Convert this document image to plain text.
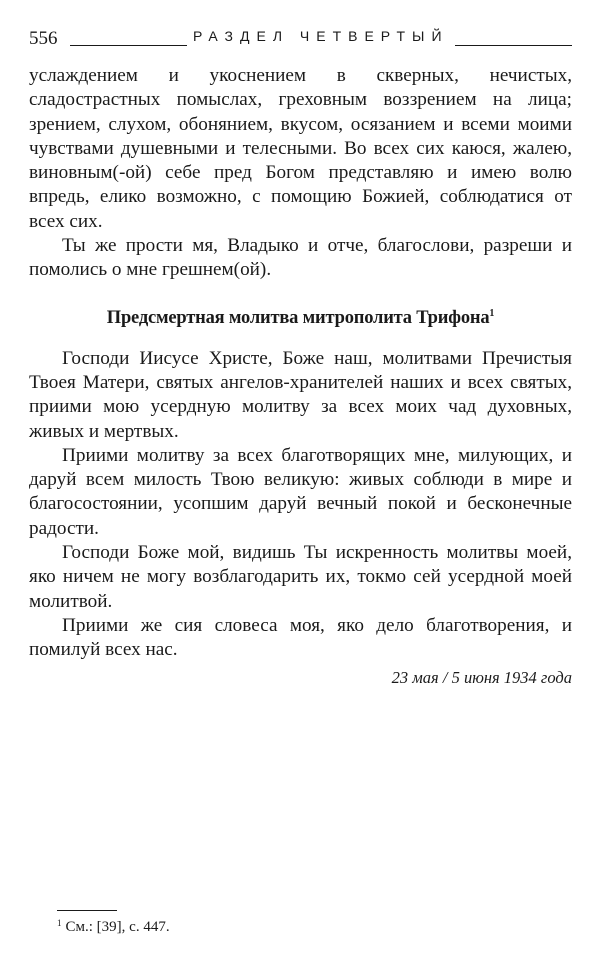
556	РАЗДЕЛ ЧЕТВЕРТЫЙ

услаждением и укоснением в скверных, нечистых, сладострастных помыслах, греховным воззрением на лица; зрением, слухом, обонянием, вкусом, осязанием и всеми моими чувствами душевными и телесными. Во всех сих каюся, жалею, виновным(-ой) себе пред Богом представляю и имею волю впредь, елико возможно, с помощию Божией, соблюдатися от всех сих.

Ты же прости мя, Владыко и отче, благослови, разреши и помолись о мне грешнем(ой).

Предсмертная молитва митрополита Трифона$^1$

Господи Иисусе Христе, Боже наш, молитвами Пречистыя Твоея Матери, святых ангелов-хранителей наших и всех святых, приими мою усердную молитву за всех моих чад духовных, живых и мертвых.

Приими молитву за всех благотворящих мне, милующих, и даруй всем милость Твою великую: живых соблюди в мире и благосостоянии, усопшим даруй вечный покой и бесконечные радости.

Господи Боже мой, видишь Ты искренность молитвы моей, яко ничем не могу возблагодарить их, токмо сей усердной моей молитвой.

Приими же сия словеса моя, яко дело благотворения, и помилуй всех нас.

23 мая / 5 июня 1934 года
$^1$ См.: [39], с. 447.
